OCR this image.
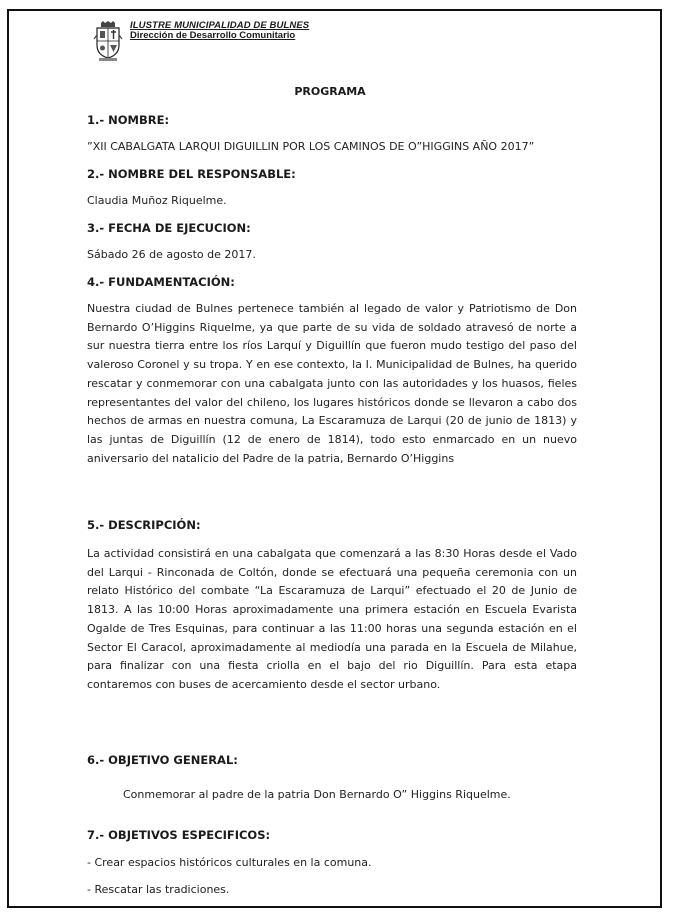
ILUSTRE MUNICIPALIDAD DE BULNES
Dirección de Desarrollo Comunitario
PROGRAMA
1.- NOMBRE:
”XII CABALGATA LARQUI DIGUILLIN POR LOS CAMINOS DE O”HIGGINS AÑO 2017”
2.- NOMBRE DEL RESPONSABLE:
Claudia Muñoz Riquelme.
3.- FECHA DE EJECUCION:
Sábado 26 de agosto de 2017.
4.- FUNDAMENTACIÓN:
Nuestra ciudad de Bulnes pertenece también al legado de valor y Patriotismo de Don Bernardo O’Higgins Riquelme, ya que parte de su vida de soldado atravesó de norte a sur nuestra tierra entre los ríos Larquí y Diguillín que fueron mudo testigo del paso del valeroso Coronel y su tropa. Y en ese contexto, la I. Municipalidad de Bulnes, ha querido rescatar y conmemorar con una cabalgata junto con las autoridades y los huasos, fieles representantes del valor del chileno, los lugares históricos donde se llevaron a cabo dos hechos de armas en nuestra comuna, La Escaramuza de Larqui (20 de junio de 1813) y las juntas de Diguillín (12 de enero de 1814), todo esto enmarcado en un nuevo aniversario del natalicio del Padre de la patria, Bernardo O’Higgins
5.- DESCRIPCIÓN:
La actividad consistirá en una cabalgata que comenzará a las 8:30 Horas desde el Vado del Larqui - Rinconada de Coltón, donde se efectuará una pequeña ceremonia con un relato Histórico del combate “La Escaramuza de Larqui” efectuado el 20 de Junio de 1813. A las 10:00 Horas aproximadamente una primera estación en Escuela Evarista Ogalde de Tres Esquinas, para continuar a las 11:00 horas una segunda estación en el Sector El Caracol, aproximadamente al mediodía una parada en la Escuela de Milahue, para finalizar con una fiesta criolla en el bajo del rio Diguillín. Para esta etapa contaremos con buses de acercamiento desde el sector urbano.
6.- OBJETIVO GENERAL:
Conmemorar al padre de la patria Don Bernardo O” Higgins Riquelme.
7.- OBJETIVOS ESPECIFICOS:
- Crear espacios históricos culturales en la comuna.
- Rescatar las tradiciones.
